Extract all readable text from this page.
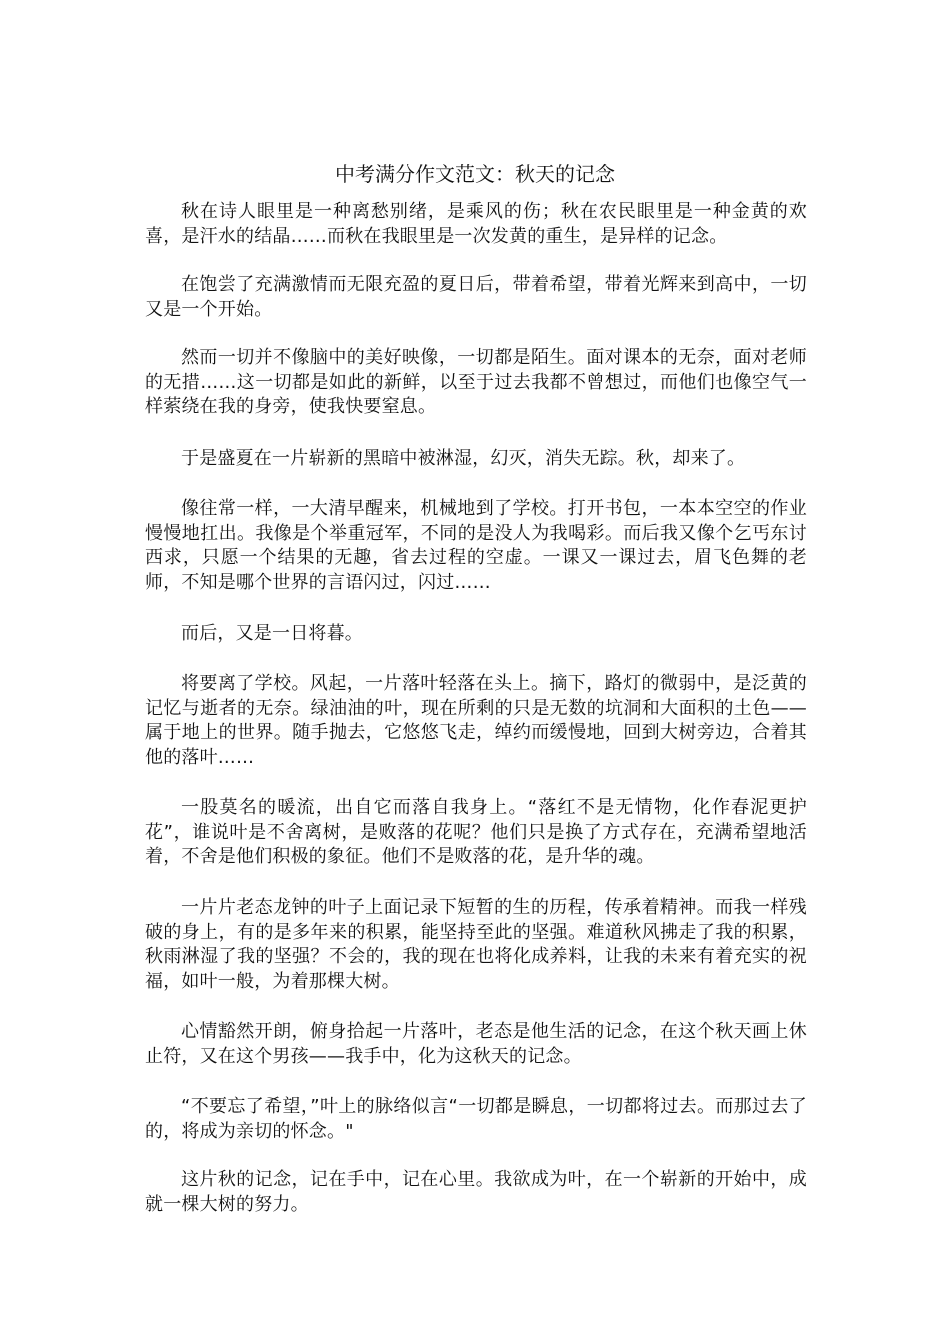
中考满分作文范文：秋天的记念

秋在诗人眼里是一种离愁别绪，是乘风的伤；秋在农民眼里是一种金黄的欢喜，是汗水的结晶……而秋在我眼里是一次发黄的重生，是异样的记念。

在饱尝了充满激情而无限充盈的夏日后，带着希望，带着光辉来到高中，一切又是一个开始。

然而一切并不像脑中的美好映像，一切都是陌生。面对课本的无奈，面对老师的无措……这一切都是如此的新鲜，以至于过去我都不曾想过，而他们也像空气一样萦绕在我的身旁，使我快要窒息。

于是盛夏在一片崭新的黑暗中被淋湿，幻灭，消失无踪。秋，却来了。

像往常一样，一大清早醒来，机械地到了学校。打开书包，一本本空空的作业慢慢地扛出。我像是个举重冠军，不同的是没人为我喝彩。而后我又像个乞丐东讨西求，只愿一个结果的无趣，省去过程的空虚。一课又一课过去，眉飞色舞的老师，不知是哪个世界的言语闪过，闪过……

而后，又是一日将暮。

将要离了学校。风起，一片落叶轻落在头上。摘下，路灯的微弱中，是泛黄的记忆与逝者的无奈。绿油油的叶，现在所剩的只是无数的坑洞和大面积的土色——属于地上的世界。随手抛去，它悠悠飞走，绰约而缓慢地，回到大树旁边，合着其他的落叶……

一股莫名的暖流，出自它而落自我身上。“落红不是无情物，化作春泥更护花”，谁说叶是不舍离树，是败落的花呢？他们只是换了方式存在，充满希望地活着，不舍是他们积极的象征。他们不是败落的花，是升华的魂。

一片片老态龙钟的叶子上面记录下短暂的生的历程，传承着精神。而我一样残破的身上，有的是多年来的积累，能坚持至此的坚强。难道秋风拂走了我的积累，秋雨淋湿了我的坚强？不会的，我的现在也将化成养料，让我的未来有着充实的祝福，如叶一般，为着那棵大树。

心情豁然开朗，俯身拾起一片落叶，老态是他生活的记念，在这个秋天画上休止符，又在这个男孩——我手中，化为这秋天的记念。

“不要忘了希望，”叶上的脉络似言“一切都是瞬息，一切都将过去。而那过去了的，将成为亲切的怀念。"

这片秋的记念，记在手中，记在心里。我欲成为叶，在一个崭新的开始中，成就一棵大树的努力。
